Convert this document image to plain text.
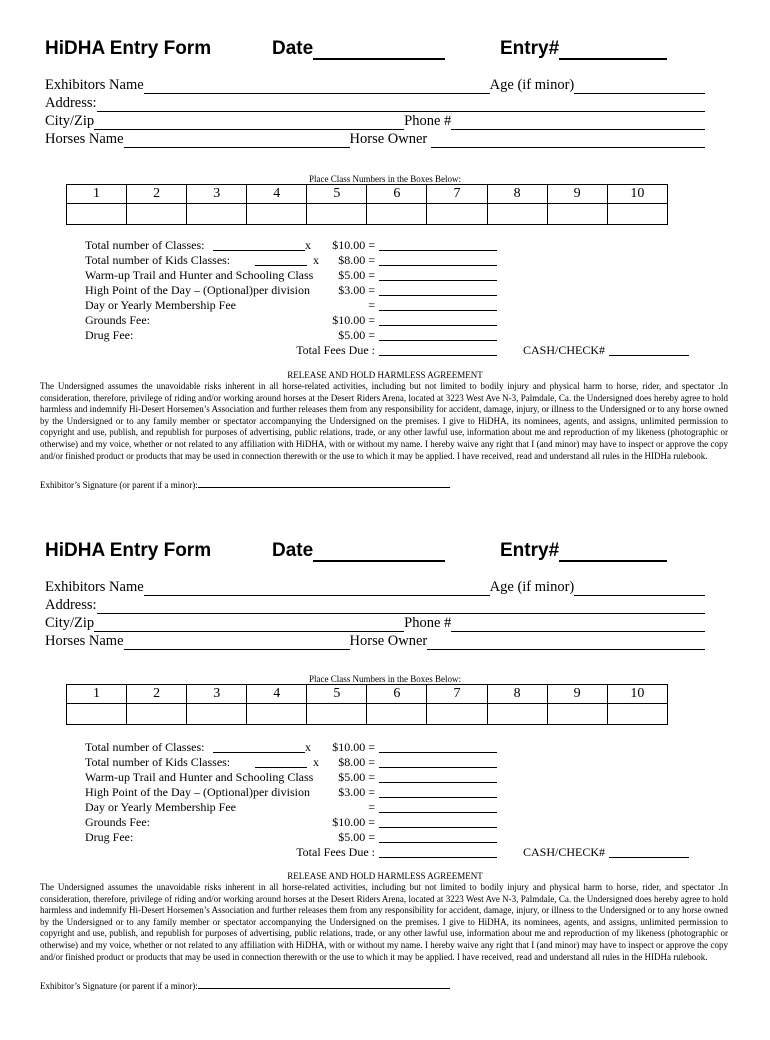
HiDHA Entry Form	Date	Entry#
Exhibitors Name	Age (if minor)
Address:
City/Zip	Phone #
Horses Name	Horse Owner
Place Class Numbers in the Boxes Below:
1	2	3	4	5	6	7	8	9	10

Total number of Classes:	x $10.00 =
Total number of Kids Classes:	x $8.00 =
Warm-up Trail and Hunter and Schooling Class $5.00 =
High Point of the Day – (Optional)per division $3.00 =
Day or Yearly Membership Fee	=
Grounds Fee:	$10.00 =
Drug Fee:	$5.00 =
Total Fees Due :	CASH/CHECK#
RELEASE AND HOLD HARMLESS AGREEMENT
The Undersigned assumes the unavoidable risks inherent in all horse-related activities, including but not limited to bodily injury and physical harm to horse, rider, and spectator .In consideration, therefore, privilege of riding and/or working around horses at the Desert Riders Arena, located at 3223 West Ave N-3, Palmdale, Ca. the Undersigned does hereby agree to hold harmless and indemnify Hi-Desert Horsemen’s Association and further releases them from any responsibility for accident, damage, injury, or illness to the Undersigned or to any horse owned by the Undersigned or to any family member or spectator accompanying the Undersigned on the premises. I give to HiDHA, its nominees, agents, and assigns, unlimited permission to copyright and use, publish, and republish for purposes of advertising, public relations, trade, or any other lawful use, information about me and reproduction of my likeness (photographic or otherwise) and my voice, whether or not related to any affiliation with HiDHA, with or without my name. I hereby waive any right that I (and minor) may have to inspect or approve the copy and/or finished product or products that may be used in connection therewith or the use to which it may be applied. I have received, read and understand all rules in the HIDHa rulebook.
Exhibitor’s Signature (or parent if a minor):
HiDHA Entry Form	Date	Entry#
Exhibitors Name	Age (if minor)
Address:
City/Zip	Phone #
Horses Name	Horse Owner
Place Class Numbers in the Boxes Below:
1	2	3	4	5	6	7	8	9	10

Total number of Classes:	x $10.00 =
Total number of Kids Classes:	x $8.00 =
Warm-up Trail and Hunter and Schooling Class $5.00 =
High Point of the Day – (Optional)per division $3.00 =
Day or Yearly Membership Fee	=
Grounds Fee:	$10.00 =
Drug Fee:	$5.00 =
Total Fees Due :	CASH/CHECK#
RELEASE AND HOLD HARMLESS AGREEMENT
The Undersigned assumes the unavoidable risks inherent in all horse-related activities, including but not limited to bodily injury and physical harm to horse, rider, and spectator .In consideration, therefore, privilege of riding and/or working around horses at the Desert Riders Arena, located at 3223 West Ave N-3, Palmdale, Ca. the Undersigned does hereby agree to hold harmless and indemnify Hi-Desert Horsemen’s Association and further releases them from any responsibility for accident, damage, injury, or illness to the Undersigned or to any horse owned by the Undersigned or to any family member or spectator accompanying the Undersigned on the premises. I give to HiDHA, its nominees, agents, and assigns, unlimited permission to copyright and use, publish, and republish for purposes of advertising, public relations, trade, or any other lawful use, information about me and reproduction of my likeness (photographic or otherwise) and my voice, whether or not related to any affiliation with HiDHA, with or without my name. I hereby waive any right that I (and minor) may have to inspect or approve the copy and/or finished product or products that may be used in connection therewith or the use to which it may be applied. I have received, read and understand all rules in the HIDHa rulebook.
Exhibitor’s Signature (or parent if a minor):
